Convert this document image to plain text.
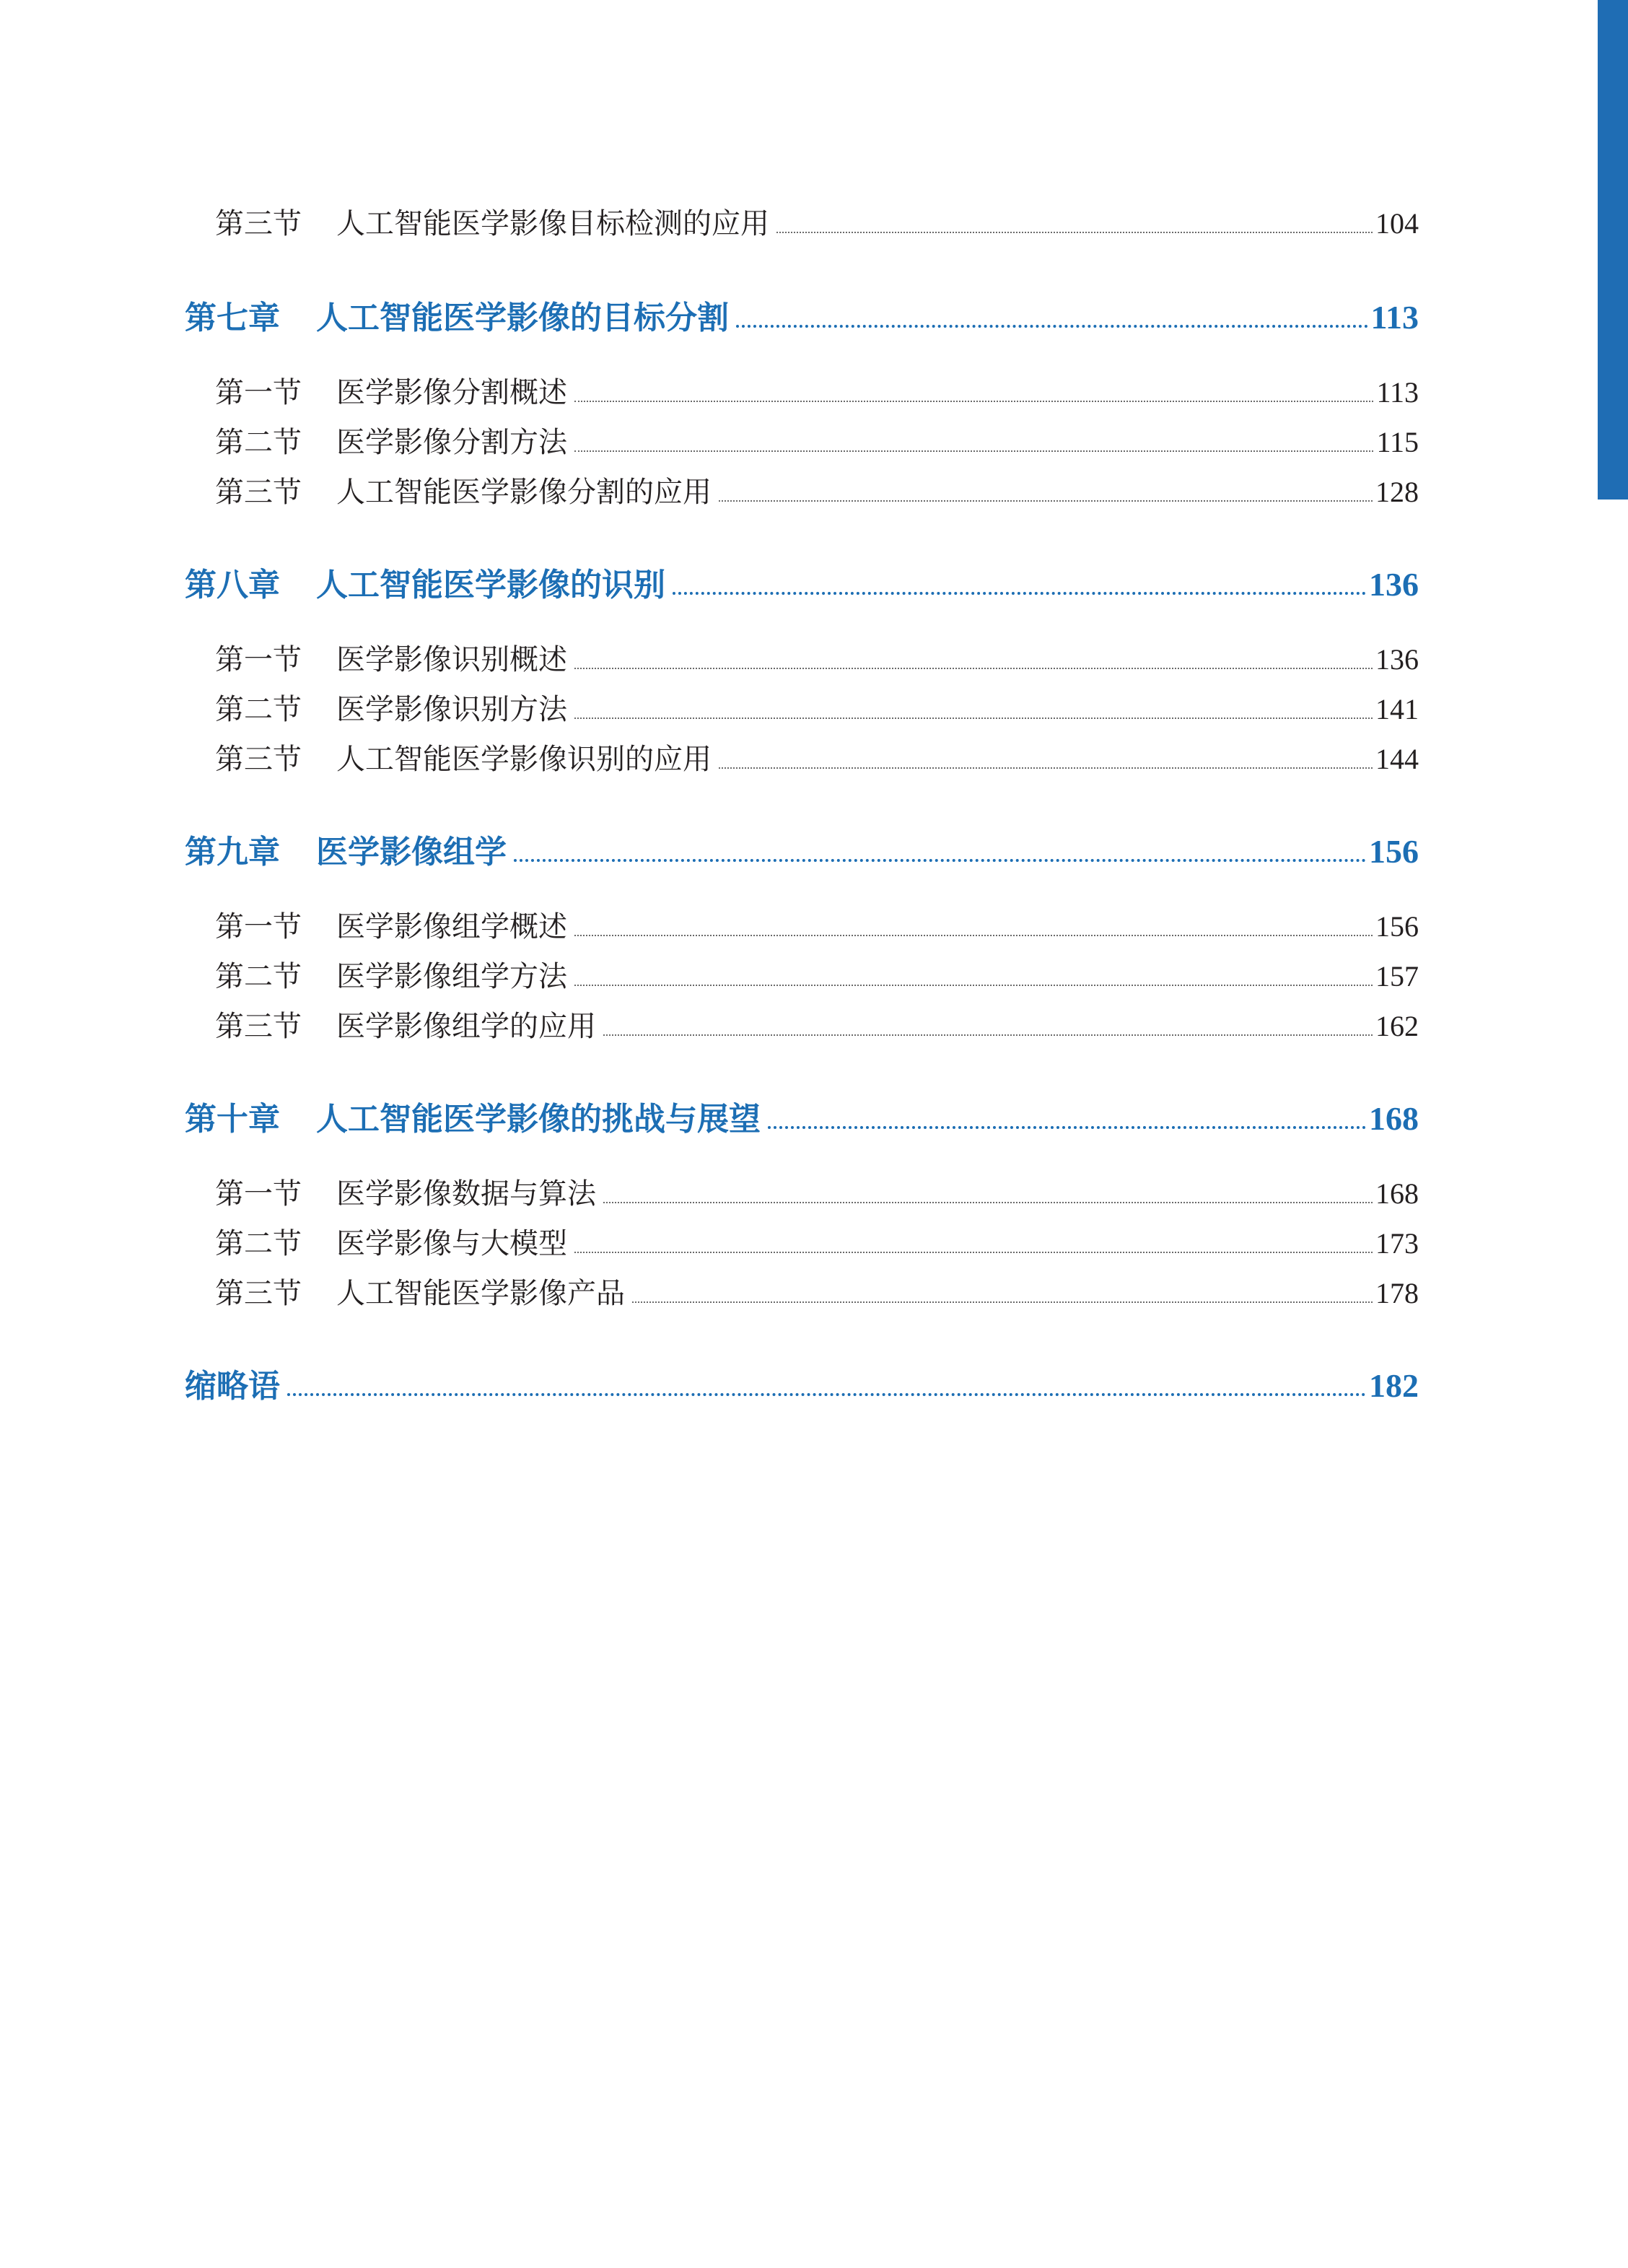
第三节 人工智能医学影像目标检测的应用	104
第七章 人工智能医学影像的目标分割	113
第一节 医学影像分割概述	113
第二节 医学影像分割方法	115
第三节 人工智能医学影像分割的应用	128
第八章 人工智能医学影像的识别	136
第一节 医学影像识别概述	136
第二节 医学影像识别方法	141
第三节 人工智能医学影像识别的应用	144
第九章 医学影像组学	156
第一节 医学影像组学概述	156
第二节 医学影像组学方法	157
第三节 医学影像组学的应用	162
第十章 人工智能医学影像的挑战与展望	168
第一节 医学影像数据与算法	168
第二节 医学影像与大模型	173
第三节 人工智能医学影像产品	178
缩略语	182
